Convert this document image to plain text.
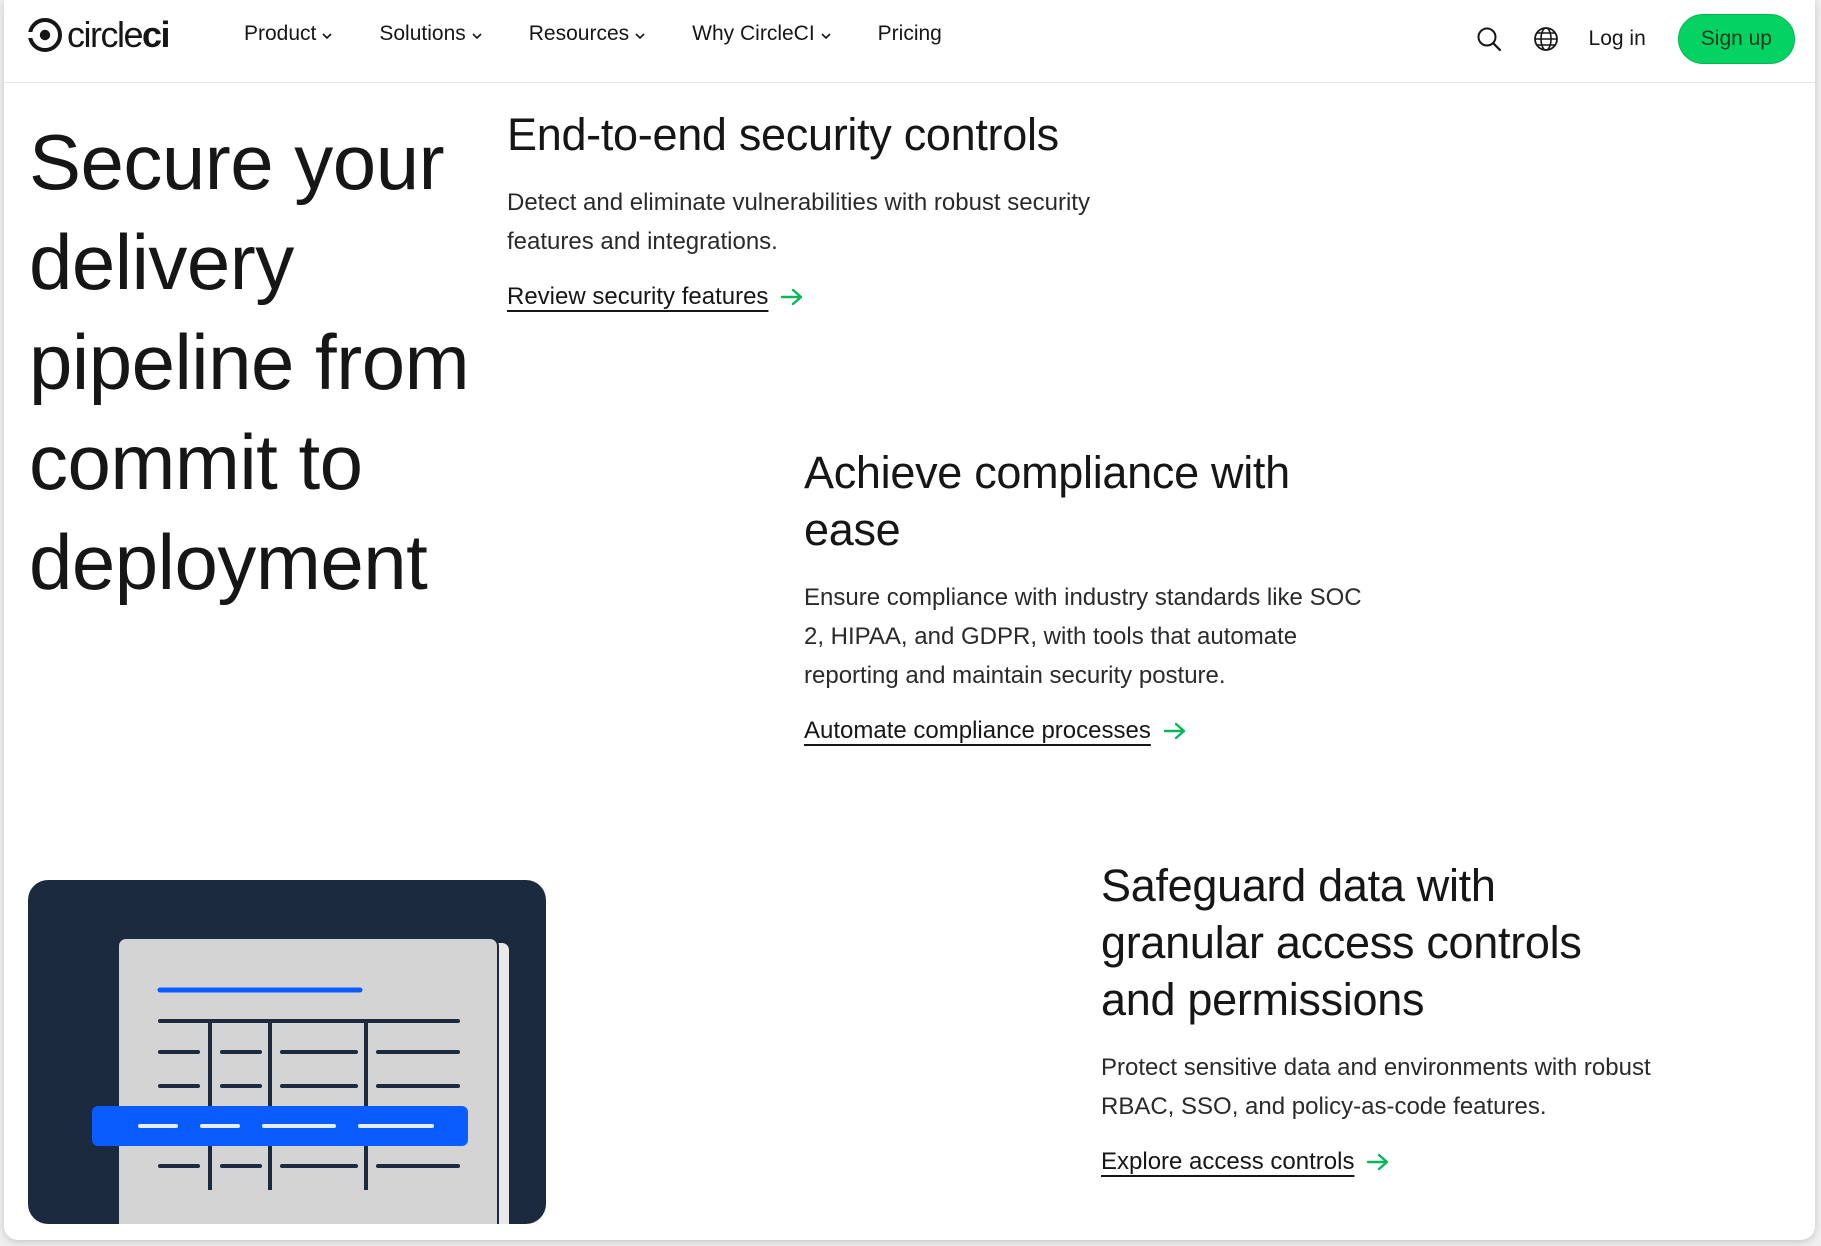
circleci	Product	Solutions	Resources	Why CircleCI	Pricing	Log in	Sign up
Secure your delivery pipeline from commit to deployment
End-to-end security controls

Detect and eliminate vulnerabilities with robust security features and integrations.

Review security features
Achieve compliance with ease

Ensure compliance with industry standards like SOC 2, HIPAA, and GDPR, with tools that automate reporting and maintain security posture.

Automate compliance processes
Safeguard data with granular access controls and permissions

Protect sensitive data and environments with robust RBAC, SSO, and policy-as-code features.

Explore access controls
